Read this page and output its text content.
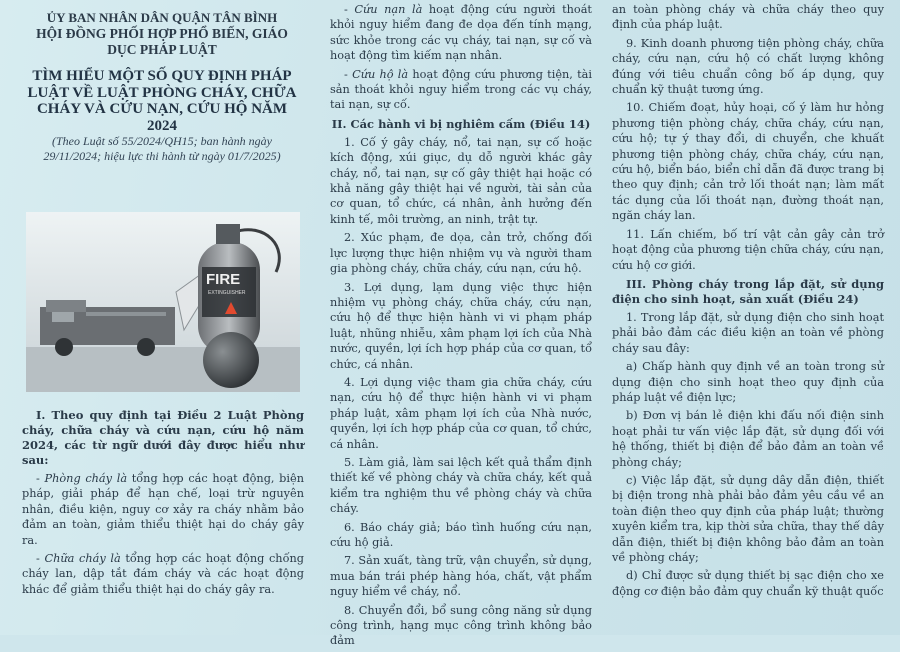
ỦY BAN NHÂN DÂN QUẬN TÂN BÌNH

HỘI ĐỒNG PHỐI HỢP PHỔ BIẾN, GIÁO DỤC PHÁP LUẬT

TÌM HIỂU MỘT SỐ QUY ĐỊNH PHÁP LUẬT VỀ LUẬT PHÒNG CHÁY, CHỮA CHÁY VÀ CỨU NẠN, CỨU HỘ NĂM 2024

(Theo Luật số 55/2024/QH15; ban hành ngày 29/11/2024; hiệu lực thi hành từ ngày 01/7/2025)

FIRE
EXTINGUISHER

I. Theo quy định tại Điều 2 Luật Phòng cháy, chữa cháy và cứu nạn, cứu hộ năm 2024, các từ ngữ dưới đây được hiểu như sau:

- Phòng cháy là tổng hợp các hoạt động, biện pháp, giải pháp để hạn chế, loại trừ nguyên nhân, điều kiện, nguy cơ xảy ra cháy nhằm bảo đảm an toàn, giảm thiểu thiệt hại do cháy gây ra.

- Chữa cháy là tổng hợp các hoạt động chống cháy lan, dập tắt đám cháy và các hoạt động khác để giảm thiểu thiệt hại do cháy gây ra.

- Cứu nạn là hoạt động cứu người thoát khỏi nguy hiểm đang đe dọa đến tính mạng, sức khỏe trong các vụ cháy, tai nạn, sự cố và hoạt động tìm kiếm nạn nhân.

- Cứu hộ là hoạt động cứu phương tiện, tài sản thoát khỏi nguy hiểm trong các vụ cháy, tai nạn, sự cố.

II. Các hành vi bị nghiêm cấm (Điều 14)

1. Cố ý gây cháy, nổ, tai nạn, sự cố hoặc kích động, xúi giục, dụ dỗ người khác gây cháy, nổ, tai nạn, sự cố gây thiệt hại hoặc có khả năng gây thiệt hại về người, tài sản của cơ quan, tổ chức, cá nhân, ảnh hưởng đến kinh tế, môi trường, an ninh, trật tự.

2. Xúc phạm, đe dọa, cản trở, chống đối lực lượng thực hiện nhiệm vụ và người tham gia phòng cháy, chữa cháy, cứu nạn, cứu hộ.

3. Lợi dụng, lạm dụng việc thực hiện nhiệm vụ phòng cháy, chữa cháy, cứu nạn, cứu hộ để thực hiện hành vi vi phạm pháp luật, nhũng nhiễu, xâm phạm lợi ích của Nhà nước, quyền, lợi ích hợp pháp của cơ quan, tổ chức, cá nhân.

4. Lợi dụng việc tham gia chữa cháy, cứu nạn, cứu hộ để thực hiện hành vi vi phạm pháp luật, xâm phạm lợi ích của Nhà nước, quyền, lợi ích hợp pháp của cơ quan, tổ chức, cá nhân.

5. Làm giả, làm sai lệch kết quả thẩm định thiết kế về phòng cháy và chữa cháy, kết quả kiểm tra nghiệm thu về phòng cháy và chữa cháy.

6. Báo cháy giả; báo tình huống cứu nạn, cứu hộ giả.

7. Sản xuất, tàng trữ, vận chuyển, sử dụng, mua bán trái phép hàng hóa, chất, vật phẩm nguy hiểm về cháy, nổ.

8. Chuyển đổi, bổ sung công năng sử dụng công trình, hạng mục công trình không bảo đảm

an toàn phòng cháy và chữa cháy theo quy định của pháp luật.

9. Kinh doanh phương tiện phòng cháy, chữa cháy, cứu nạn, cứu hộ có chất lượng không đúng với tiêu chuẩn công bố áp dụng, quy chuẩn kỹ thuật tương ứng.

10. Chiếm đoạt, hủy hoại, cố ý làm hư hỏng phương tiện phòng cháy, chữa cháy, cứu nạn, cứu hộ; tự ý thay đổi, di chuyển, che khuất phương tiện phòng cháy, chữa cháy, cứu nạn, cứu hộ, biển báo, biển chỉ dẫn đã được trang bị theo quy định; cản trở lối thoát nạn; làm mất tác dụng của lối thoát nạn, đường thoát nạn, ngăn cháy lan.

11. Lấn chiếm, bố trí vật cản gây cản trở hoạt động của phương tiện chữa cháy, cứu nạn, cứu hộ cơ giới.

III. Phòng cháy trong lắp đặt, sử dụng điện cho sinh hoạt, sản xuất (Điều 24)

1. Trong lắp đặt, sử dụng điện cho sinh hoạt phải bảo đảm các điều kiện an toàn về phòng cháy sau đây:

a) Chấp hành quy định về an toàn trong sử dụng điện cho sinh hoạt theo quy định của pháp luật về điện lực;

b) Đơn vị bán lẻ điện khi đấu nối điện sinh hoạt phải tư vấn việc lắp đặt, sử dụng đối với hệ thống, thiết bị điện để bảo đảm an toàn về phòng cháy;

c) Việc lắp đặt, sử dụng dây dẫn điện, thiết bị điện trong nhà phải bảo đảm yêu cầu về an toàn điện theo quy định của pháp luật; thường xuyên kiểm tra, kịp thời sửa chữa, thay thế dây dẫn điện, thiết bị điện không bảo đảm an toàn về phòng cháy;

d) Chỉ được sử dụng thiết bị sạc điện cho xe động cơ điện bảo đảm quy chuẩn kỹ thuật quốc
